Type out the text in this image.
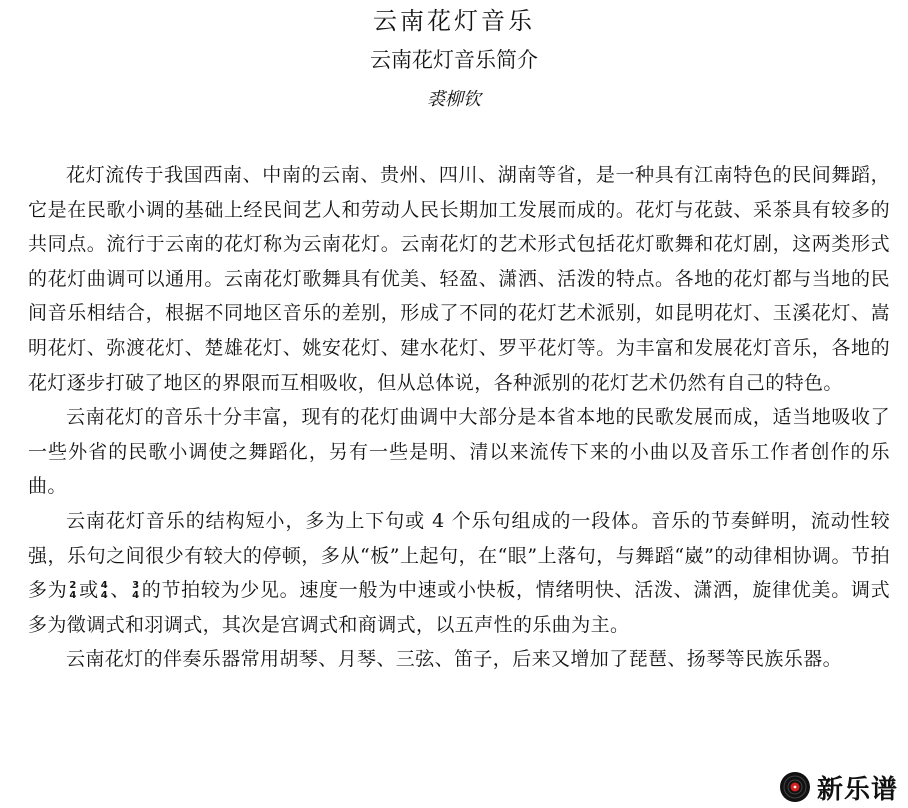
云南花灯音乐
云南花灯音乐简介
裘柳钦

花灯流传于我国西南、中南的云南、贵州、四川、湖南等省，是一种具有江南特色的民间舞蹈，它是在民歌小调的基础上经民间艺人和劳动人民长期加工发展而成的。花灯与花鼓、采茶具有较多的共同点。流行于云南的花灯称为云南花灯。云南花灯的艺术形式包括花灯歌舞和花灯剧，这两类形式的花灯曲调可以通用。云南花灯歌舞具有优美、轻盈、潇洒、活泼的特点。各地的花灯都与当地的民间音乐相结合，根据不同地区音乐的差别，形成了不同的花灯艺术派别，如昆明花灯、玉溪花灯、嵩明花灯、弥渡花灯、楚雄花灯、姚安花灯、建水花灯、罗平花灯等。为丰富和发展花灯音乐，各地的花灯逐步打破了地区的界限而互相吸收，但从总体说，各种派别的花灯艺术仍然有自己的特色。

云南花灯的音乐十分丰富，现有的花灯曲调中大部分是本省本地的民歌发展而成，适当地吸收了一些外省的民歌小调使之舞蹈化，另有一些是明、清以来流传下来的小曲以及音乐工作者创作的乐曲。

云南花灯音乐的结构短小，多为上下句或 4 个乐句组成的一段体。音乐的节奏鲜明，流动性较强，乐句之间很少有较大的停顿，多从“板”上起句，在“眼”上落句，与舞蹈“崴”的动律相协调。节拍多为 2
4 或 4
4 、 3
4 的节拍较为少见。速度一般为中速或小快板，情绪明快、活泼、潇洒，旋律优美。调式多为徵调式和羽调式，其次是宫调式和商调式，以五声性的乐曲为主。

云南花灯的伴奏乐器常用胡琴、月琴、三弦、笛子，后来又增加了琵琶、扬琴等民族乐器。

新乐谱
